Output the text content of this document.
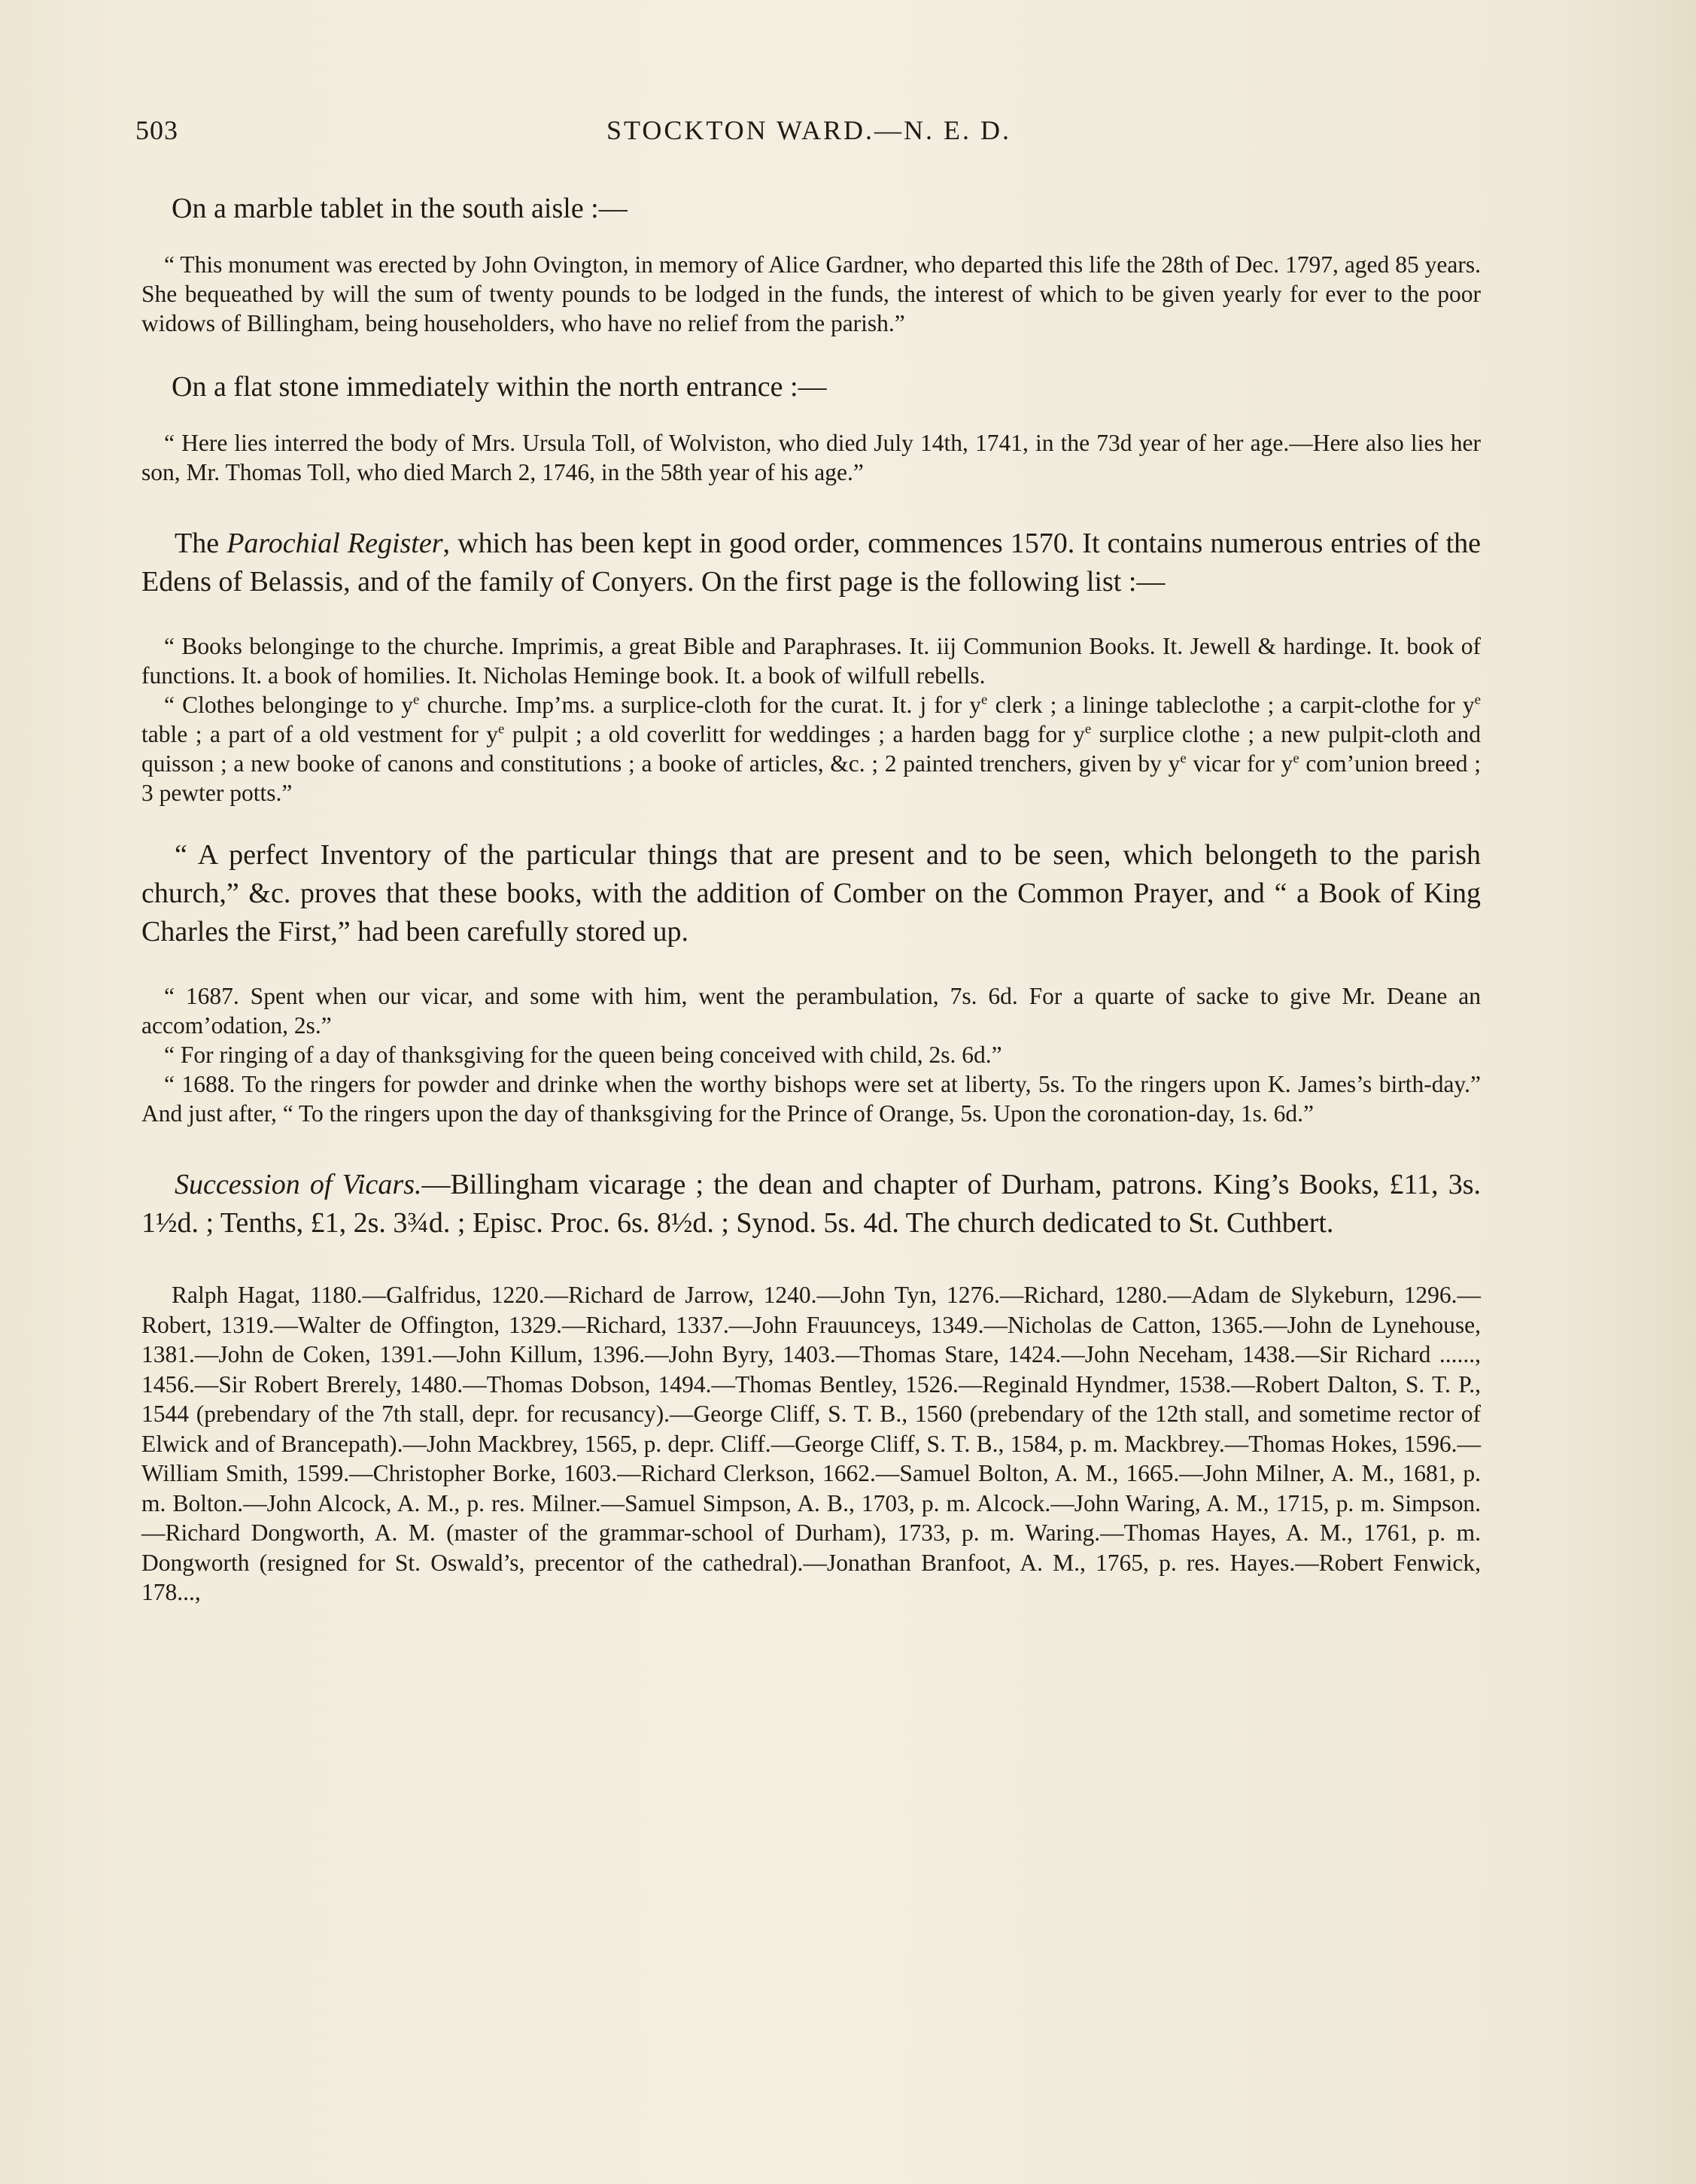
503	STOCKTON WARD.—N. E. D.

On a marble tablet in the south aisle :—

“ This monument was erected by John Ovington, in memory of Alice Gardner, who departed this life the 28th of Dec. 1797, aged 85 years. She bequeathed by will the sum of twenty pounds to be lodged in the funds, the interest of which to be given yearly for ever to the poor widows of Billingham, being householders, who have no relief from the parish.”

On a flat stone immediately within the north entrance :—

“ Here lies interred the body of Mrs. Ursula Toll, of Wolviston, who died July 14th, 1741, in the 73d year of her age.—Here also lies her son, Mr. Thomas Toll, who died March 2, 1746, in the 58th year of his age.”

The Parochial Register, which has been kept in good order, commences 1570. It contains numerous entries of the Edens of Belassis, and of the family of Conyers. On the first page is the following list :—

“ Books belonginge to the churche. Imprimis, a great Bible and Paraphrases. It. iij Communion Books. It. Jewell & hardinge. It. book of functions. It. a book of homilies. It. Nicholas Heminge book. It. a book of wilfull rebells.

“ Clothes belonginge to $y^e$ churche. Imp’ms. a surplice-cloth for the curat. It. j for $y^e$ clerk ; a lininge tableclothe ; a carpit-clothe for $y^e$ table ; a part of a old vestment for $y^e$ pulpit ; a old coverlitt for weddinges ; a harden bagg for $y^e$ surplice clothe ; a new pulpit-cloth and quisson ; a new booke of canons and constitutions ; a booke of articles, &c. ; 2 painted trenchers, given by $y^e$ vicar for $y^e$ com’union breed ; 3 pewter potts.”

“ A perfect Inventory of the particular things that are present and to be seen, which belongeth to the parish church,” &c. proves that these books, with the addition of Comber on the Common Prayer, and “ a Book of King Charles the First,” had been carefully stored up.

“ 1687. Spent when our vicar, and some with him, went the perambulation, 7s. 6d. For a quarte of sacke to give Mr. Deane an accom’odation, 2s.”

“ For ringing of a day of thanksgiving for the queen being conceived with child, 2s. 6d.”

“ 1688. To the ringers for powder and drinke when the worthy bishops were set at liberty, 5s. To the ringers upon K. James’s birth-day.” And just after, “ To the ringers upon the day of thanksgiving for the Prince of Orange, 5s. Upon the coronation-day, 1s. 6d.”

Succession of Vicars.—Billingham vicarage ; the dean and chapter of Durham, patrons. King’s Books, £11, 3s. 1½d. ; Tenths, £1, 2s. 3¾d. ; Episc. Proc. 6s. 8½d. ; Synod. 5s. 4d. The church dedicated to St. Cuthbert.

Ralph Hagat, 1180.—Galfridus, 1220.—Richard de Jarrow, 1240.—John Tyn, 1276.—Richard, 1280.—Adam de Slykeburn, 1296.—Robert, 1319.—Walter de Offington, 1329.—Richard, 1337.—John Frauunceys, 1349.—Nicholas de Catton, 1365.—John de Lynehouse, 1381.—John de Coken, 1391.—John Killum, 1396.—John Byry, 1403.—Thomas Stare, 1424.—John Neceham, 1438.—Sir Richard ......, 1456.—Sir Robert Brerely, 1480.—Thomas Dobson, 1494.—Thomas Bentley, 1526.—Reginald Hyndmer, 1538.—Robert Dalton, S. T. P., 1544 (prebendary of the 7th stall, depr. for recusancy).—George Cliff, S. T. B., 1560 (prebendary of the 12th stall, and sometime rector of Elwick and of Brancepath).—John Mackbrey, 1565, p. depr. Cliff.—George Cliff, S. T. B., 1584, p. m. Mackbrey.—Thomas Hokes, 1596.—William Smith, 1599.—Christopher Borke, 1603.—Richard Clerkson, 1662.—Samuel Bolton, A. M., 1665.—John Milner, A. M., 1681, p. m. Bolton.—John Alcock, A. M., p. res. Milner.—Samuel Simpson, A. B., 1703, p. m. Alcock.—John Waring, A. M., 1715, p. m. Simpson.—Richard Dongworth, A. M. (master of the grammar-school of Durham), 1733, p. m. Waring.—Thomas Hayes, A. M., 1761, p. m. Dongworth (resigned for St. Oswald’s, precentor of the cathedral).—Jonathan Branfoot, A. M., 1765, p. res. Hayes.—Robert Fenwick, 178...,
